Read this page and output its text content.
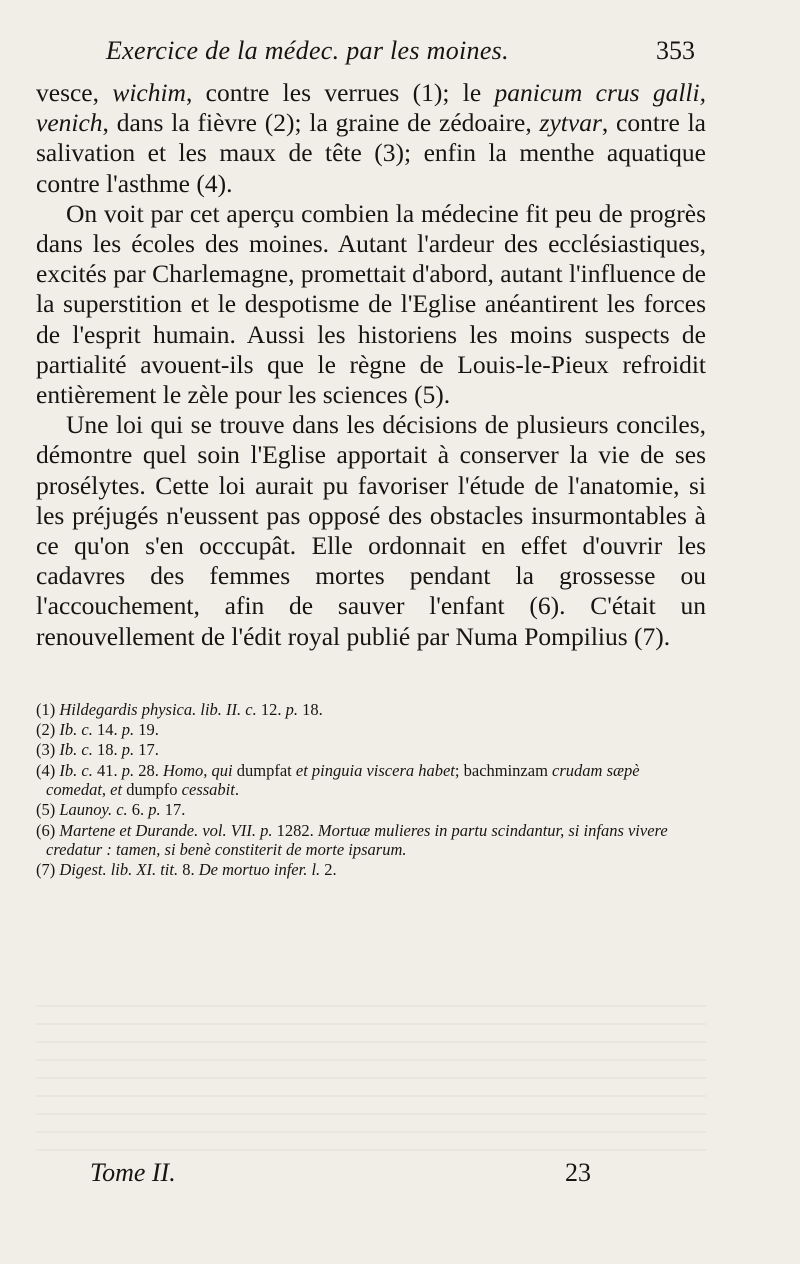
Exercice de la médec. par les moines.	353

vesce, wichim, contre les verrues (1); le panicum crus galli, venich, dans la fièvre (2); la graine de zédoaire, zytvar, contre la salivation et les maux de tête (3); enfin la menthe aquatique contre l'asthme (4).

On voit par cet aperçu combien la médecine fit peu de progrès dans les écoles des moines. Autant l'ardeur des ecclésiastiques, excités par Charlemagne, promettait d'abord, autant l'influence de la superstition et le despotisme de l'Eglise anéantirent les forces de l'esprit humain. Aussi les historiens les moins suspects de partialité avouent-ils que le règne de Louis-le-Pieux refroidit entièrement le zèle pour les sciences (5).

Une loi qui se trouve dans les décisions de plusieurs conciles, démontre quel soin l'Eglise apportait à conserver la vie de ses prosélytes. Cette loi aurait pu favoriser l'étude de l'anatomie, si les préjugés n'eussent pas opposé des obstacles insurmontables à ce qu'on s'en occcupât. Elle ordonnait en effet d'ouvrir les cadavres des femmes mortes pendant la grossesse ou l'accouchement, afin de sauver l'enfant (6). C'était un renouvellement de l'édit royal publié par Numa Pompilius (7).

(1) Hildegardis physica. lib. II. c. 12. p. 18.

(2) Ib. c. 14. p. 19.

(3) Ib. c. 18. p. 17.

(4) Ib. c. 41. p. 28. Homo, qui dumpfat et pinguia viscera habet; bachminzam crudam sæpè comedat, et dumpfo cessabit.

(5) Launoy. c. 6. p. 17.

(6) Martene et Durande. vol. VII. p. 1282. Mortuæ mulieres in partu scindantur, si infans vivere credatur : tamen, si benè constiterit de morte ipsarum.

(7) Digest. lib. XI. tit. 8. De mortuo infer. l. 2.

Tome II.	23
